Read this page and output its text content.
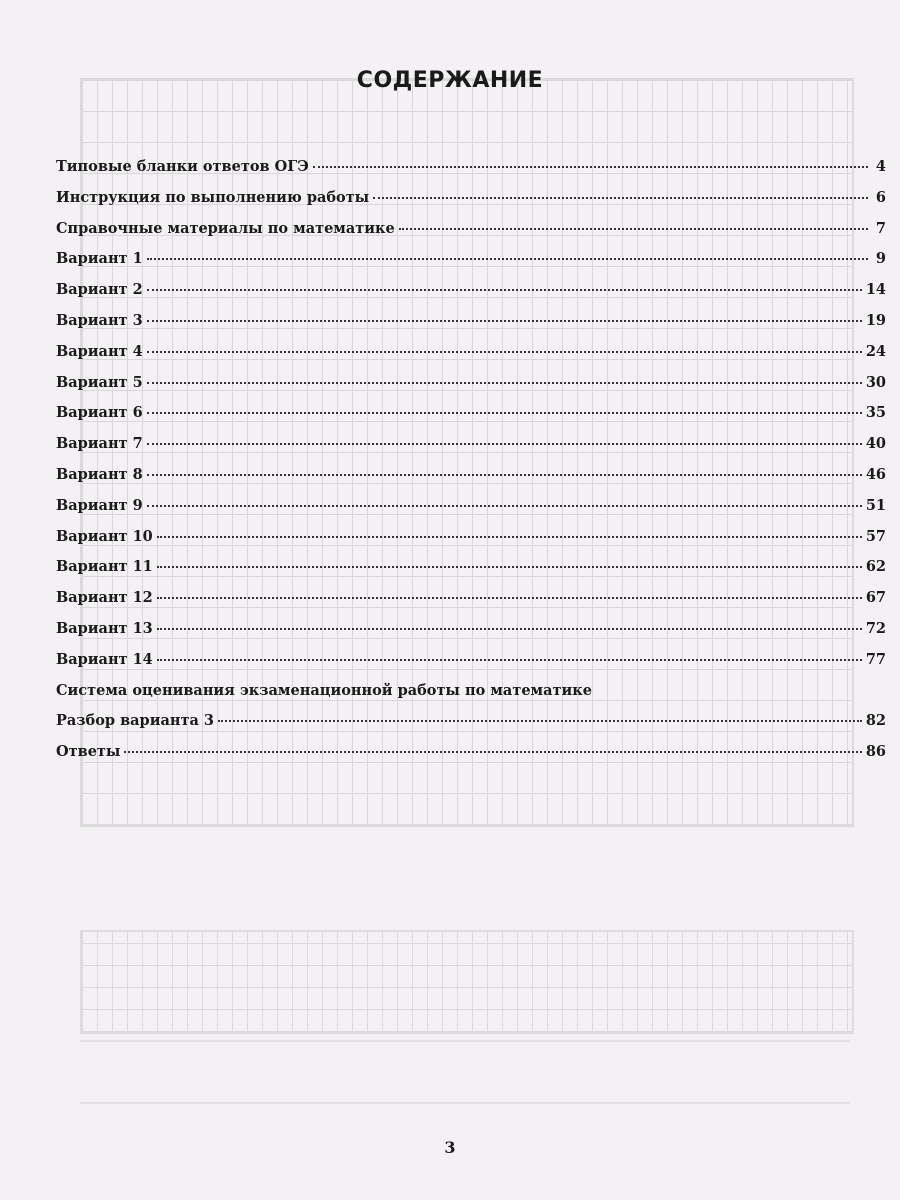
СОДЕРЖАНИЕ
Типовые бланки ответов ОГЭ	4
Инструкция по выполнению работы	6
Справочные материалы по математике	7
Вариант 1	9
Вариант 2	14
Вариант 3	19
Вариант 4	24
Вариант 5	30
Вариант 6	35
Вариант 7	40
Вариант 8	46
Вариант 9	51
Вариант 10	57
Вариант 11	62
Вариант 12	67
Вариант 13	72
Вариант 14	77
Система оценивания экзаменационной работы по математике
Разбор варианта 3	82
Ответы	86
3
